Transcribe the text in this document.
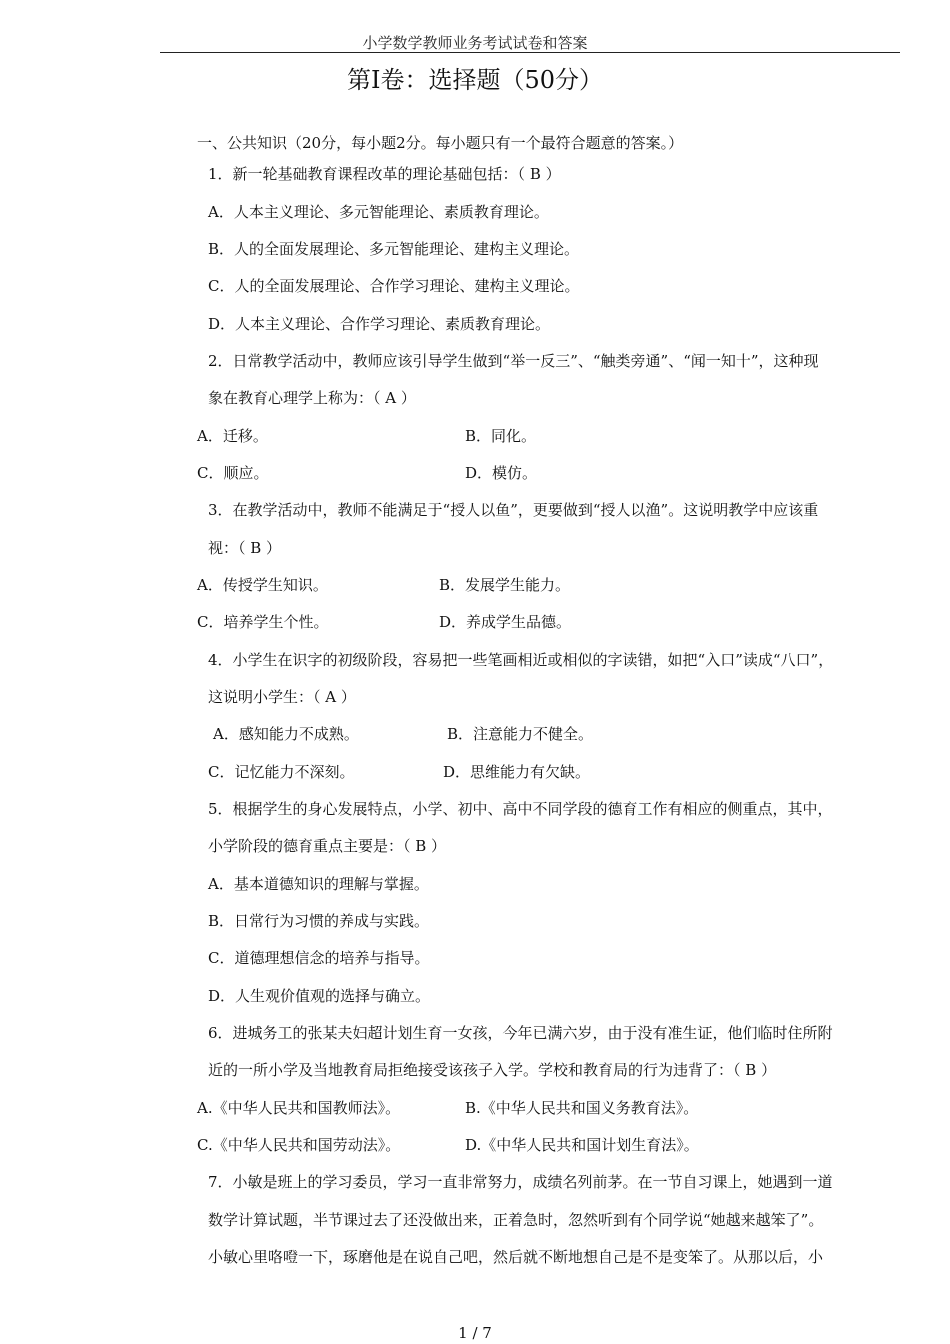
小学数学教师业务考试试卷和答案
第Ⅰ卷：选择题（50分）
一、公共知识（20分，每小题2分。每小题只有一个最符合题意的答案。）
1．新一轮基础教育课程改革的理论基础包括：（ B ）
A．人本主义理论、多元智能理论、素质教育理论。
B．人的全面发展理论、多元智能理论、建构主义理论。
C．人的全面发展理论、合作学习理论、建构主义理论。
D．人本主义理论、合作学习理论、素质教育理论。
2．日常教学活动中，教师应该引导学生做到“举一反三”、“触类旁通”、“闻一知十”，这种现
象在教育心理学上称为：（ A ）
A．迁移。	B．同化。
C．顺应。	D．模仿。
3．在教学活动中，教师不能满足于“授人以鱼”，更要做到“授人以渔”。这说明教学中应该重
视：（ B ）
A．传授学生知识。	B．发展学生能力。
C．培养学生个性。	D．养成学生品德。
4．小学生在识字的初级阶段，容易把一些笔画相近或相似的字读错，如把“入口”读成“八口”，
这说明小学生：（ A ）
A．感知能力不成熟。	B．注意能力不健全。
C．记忆能力不深刻。	D．思维能力有欠缺。
5．根据学生的身心发展特点，小学、初中、高中不同学段的德育工作有相应的侧重点，其中，
小学阶段的德育重点主要是：（ B ）
A．基本道德知识的理解与掌握。
B．日常行为习惯的养成与实践。
C．道德理想信念的培养与指导。
D．人生观价值观的选择与确立。
6．进城务工的张某夫妇超计划生育一女孩，今年已满六岁，由于没有准生证，他们临时住所附
近的一所小学及当地教育局拒绝接受该孩子入学。学校和教育局的行为违背了：（ B ）
A.《中华人民共和国教师法》。	B.《中华人民共和国义务教育法》。
C.《中华人民共和国劳动法》。	D.《中华人民共和国计划生育法》。
7．小敏是班上的学习委员，学习一直非常努力，成绩名列前茅。在一节自习课上，她遇到一道
数学计算试题，半节课过去了还没做出来，正着急时，忽然听到有个同学说“她越来越笨了”。
小敏心里咯噔一下，琢磨他是在说自己吧，然后就不断地想自己是不是变笨了。从那以后，小
1 / 7
